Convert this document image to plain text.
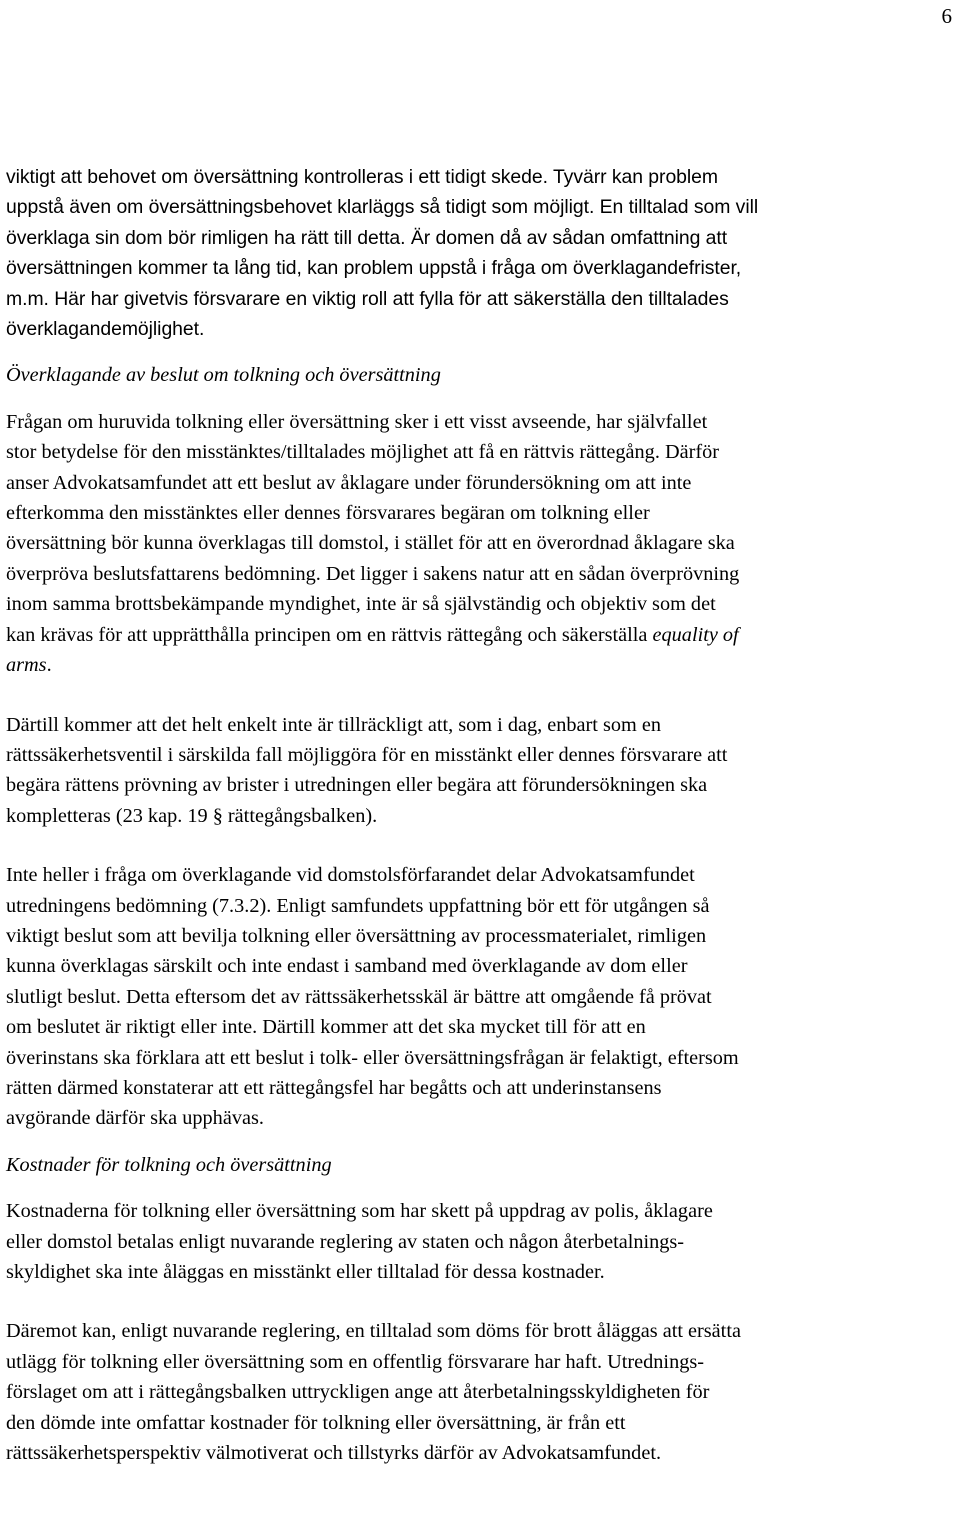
6

viktigt att behovet om översättning kontrolleras i ett tidigt skede. Tyvärr kan problem
uppstå även om översättningsbehovet klarläggs så tidigt som möjligt. En tilltalad som vill
överklaga sin dom bör rimligen ha rätt till detta. Är domen då av sådan omfattning att
översättningen kommer ta lång tid, kan problem uppstå i fråga om överklagandefrister,
m.m. Här har givetvis försvarare en viktig roll att fylla för att säkerställa den tilltalades
överklagandemöjlighet.

Överklagande av beslut om tolkning och översättning

Frågan om huruvida tolkning eller översättning sker i ett visst avseende, har självfallet
stor betydelse för den misstänktes/tilltalades möjlighet att få en rättvis rättegång. Därför
anser Advokatsamfundet att ett beslut av åklagare under förundersökning om att inte
efterkomma den misstänktes eller dennes försvarares begäran om tolkning eller
översättning bör kunna överklagas till domstol, i stället för att en överordnad åklagare ska
överpröva beslutsfattarens bedömning. Det ligger i sakens natur att en sådan överprövning
inom samma brottsbekämpande myndighet, inte är så självständig och objektiv som det
kan krävas för att upprätthålla principen om en rättvis rättegång och säkerställa equality of
arms.

Därtill kommer att det helt enkelt inte är tillräckligt att, som i dag, enbart som en
rättssäkerhetsventil i särskilda fall möjliggöra för en misstänkt eller dennes försvarare att
begära rättens prövning av brister i utredningen eller begära att förundersökningen ska
kompletteras (23 kap. 19 § rättegångsbalken).

Inte heller i fråga om överklagande vid domstolsförfarandet delar Advokatsamfundet
utredningens bedömning (7.3.2). Enligt samfundets uppfattning bör ett för utgången så
viktigt beslut som att bevilja tolkning eller översättning av processmaterialet, rimligen
kunna överklagas särskilt och inte endast i samband med överklagande av dom eller
slutligt beslut. Detta eftersom det av rättssäkerhetsskäl är bättre att omgående få prövat
om beslutet är riktigt eller inte. Därtill kommer att det ska mycket till för att en
överinstans ska förklara att ett beslut i tolk- eller översättningsfrågan är felaktigt, eftersom
rätten därmed konstaterar att ett rättegångsfel har begåtts och att underinstansens
avgörande därför ska upphävas.

Kostnader för tolkning och översättning

Kostnaderna för tolkning eller översättning som har skett på uppdrag av polis, åklagare
eller domstol betalas enligt nuvarande reglering av staten och någon återbetalnings-
skyldighet ska inte åläggas en misstänkt eller tilltalad för dessa kostnader.

Däremot kan, enligt nuvarande reglering, en tilltalad som döms för brott åläggas att ersätta
utlägg för tolkning eller översättning som en offentlig försvarare har haft. Utrednings-
förslaget om att i rättegångsbalken uttryckligen ange att återbetalningsskyldigheten för
den dömde inte omfattar kostnader för tolkning eller översättning, är från ett
rättssäkerhetsperspektiv välmotiverat och tillstyrks därför av Advokatsamfundet.
